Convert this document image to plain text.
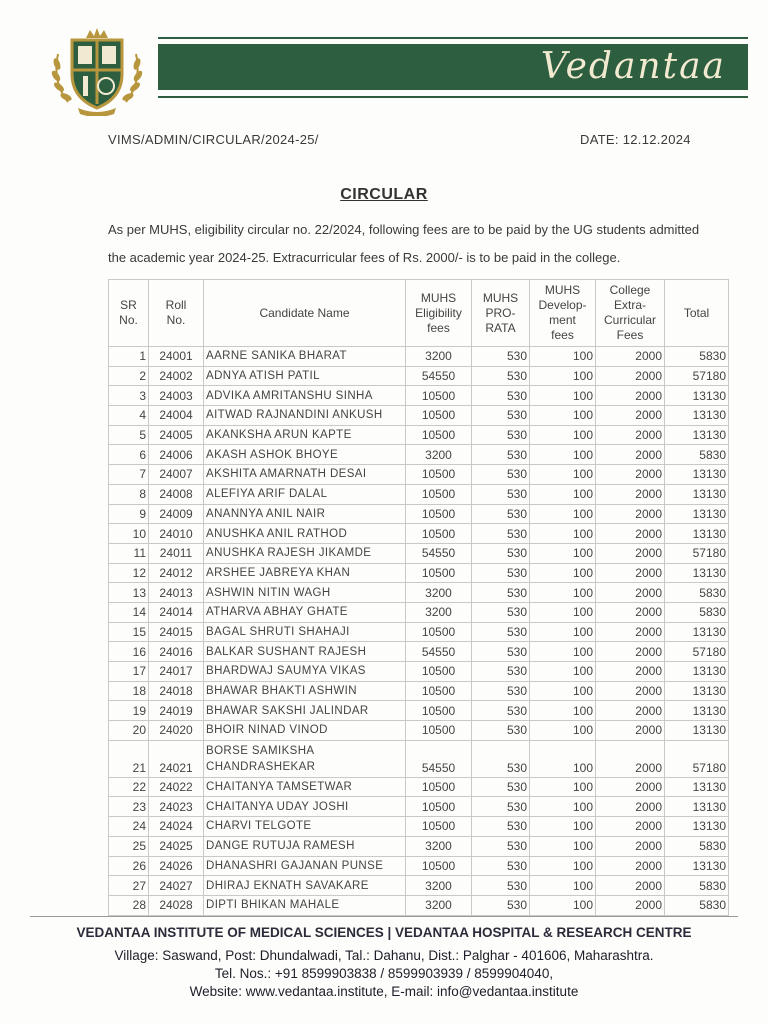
Vedantaa
VIMS/ADMIN/CIRCULAR/2024-25/	DATE: 12.12.2024
CIRCULAR
As per MUHS, eligibility circular no. 22/2024, following fees are to be paid by the UG students admitted
the academic year 2024-25. Extracurricular fees of Rs. 2000/- is to be paid in the college.
SR
No.	Roll
No.	Candidate Name	MUHS
Eligibility
fees	MUHS
PRO-
RATA	MUHS
Develop-
ment
fees	College
Extra-
Curricular
Fees	Total
1	24001	AARNE SANIKA BHARAT	3200	530	100	2000	5830
2	24002	ADNYA ATISH PATIL	54550	530	100	2000	57180
3	24003	ADVIKA AMRITANSHU SINHA	10500	530	100	2000	13130
4	24004	AITWAD RAJNANDINI ANKUSH	10500	530	100	2000	13130
5	24005	AKANKSHA ARUN KAPTE	10500	530	100	2000	13130
6	24006	AKASH ASHOK BHOYE	3200	530	100	2000	5830
7	24007	AKSHITA AMARNATH DESAI	10500	530	100	2000	13130
8	24008	ALEFIYA ARIF DALAL	10500	530	100	2000	13130
9	24009	ANANNYA ANIL NAIR	10500	530	100	2000	13130
10	24010	ANUSHKA ANIL RATHOD	10500	530	100	2000	13130
11	24011	ANUSHKA RAJESH JIKAMDE	54550	530	100	2000	57180
12	24012	ARSHEE JABREYA KHAN	10500	530	100	2000	13130
13	24013	ASHWIN NITIN WAGH	3200	530	100	2000	5830
14	24014	ATHARVA ABHAY GHATE	3200	530	100	2000	5830
15	24015	BAGAL SHRUTI SHAHAJI	10500	530	100	2000	13130
16	24016	BALKAR SUSHANT RAJESH	54550	530	100	2000	57180
17	24017	BHARDWAJ SAUMYA VIKAS	10500	530	100	2000	13130
18	24018	BHAWAR BHAKTI ASHWIN	10500	530	100	2000	13130
19	24019	BHAWAR SAKSHI JALINDAR	10500	530	100	2000	13130
20	24020	BHOIR NINAD VINOD	10500	530	100	2000	13130
21	24021	BORSE SAMIKSHA CHANDRASHEKAR	54550	530	100	2000	57180
22	24022	CHAITANYA TAMSETWAR	10500	530	100	2000	13130
23	24023	CHAITANYA UDAY JOSHI	10500	530	100	2000	13130
24	24024	CHARVI TELGOTE	10500	530	100	2000	13130
25	24025	DANGE RUTUJA RAMESH	3200	530	100	2000	5830
26	24026	DHANASHRI GAJANAN PUNSE	10500	530	100	2000	13130
27	24027	DHIRAJ EKNATH SAVAKARE	3200	530	100	2000	5830
28	24028	DIPTI BHIKAN MAHALE	3200	530	100	2000	5830
VEDANTAA INSTITUTE OF MEDICAL SCIENCES | VEDANTAA HOSPITAL & RESEARCH CENTRE
Village: Saswand, Post: Dhundalwadi, Tal.: Dahanu, Dist.: Palghar - 401606, Maharashtra.
Tel. Nos.: +91 8599903838 / 8599903939 / 8599904040,
Website: www.vedantaa.institute, E-mail: info@vedantaa.institute
